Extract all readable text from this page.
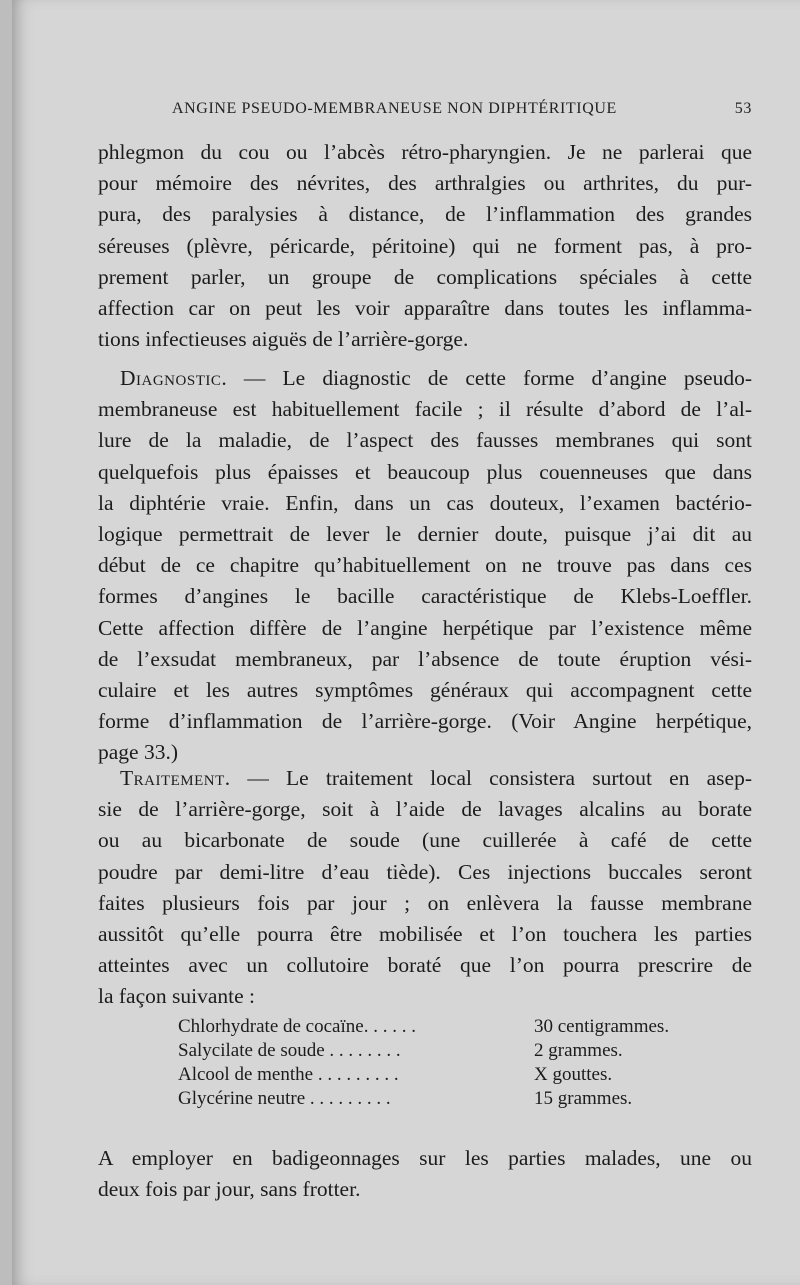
ANGINE PSEUDO-MEMBRANEUSE NON DIPHTÉRITIQUE	53
phlegmon du cou ou l’abcès rétro-pharyngien. Je ne parlerai que
pour mémoire des névrites, des arthralgies ou arthrites, du pur-
pura, des paralysies à distance, de l’inflammation des grandes
séreuses (plèvre, péricarde, péritoine) qui ne forment pas, à pro-
prement parler, un groupe de complications spéciales à cette
affection car on peut les voir apparaître dans toutes les inflamma-
tions infectieuses aiguës de l’arrière-gorge.
Diagnostic. — Le diagnostic de cette forme d’angine pseudo-
membraneuse est habituellement facile ; il résulte d’abord de l’al-
lure de la maladie, de l’aspect des fausses membranes qui sont
quelquefois plus épaisses et beaucoup plus couenneuses que dans
la diphtérie vraie. Enfin, dans un cas douteux, l’examen bactério-
logique permettrait de lever le dernier doute, puisque j’ai dit au
début de ce chapitre qu’habituellement on ne trouve pas dans ces
formes d’angines le bacille caractéristique de Klebs-Loeffler.
Cette affection diffère de l’angine herpétique par l’existence même
de l’exsudat membraneux, par l’absence de toute éruption vési-
culaire et les autres symptômes généraux qui accompagnent cette
forme d’inflammation de l’arrière-gorge. (Voir Angine herpétique,
page 33.)
Traitement. — Le traitement local consistera surtout en asep-
sie de l’arrière-gorge, soit à l’aide de lavages alcalins au borate
ou au bicarbonate de soude (une cuillerée à café de cette
poudre par demi-litre d’eau tiède). Ces injections buccales seront
faites plusieurs fois par jour ; on enlèvera la fausse membrane
aussitôt qu’elle pourra être mobilisée et l’on touchera les parties
atteintes avec un collutoire boraté que l’on pourra prescrire de
la façon suivante :
Chlorhydrate de cocaïne. . . . . .	30 centigrammes.
Salycilate de soude . . . . . . . .	2 grammes.
Alcool de menthe . . . . . . . . .	X gouttes.
Glycérine neutre . . . . . . . . .	15 grammes.
A employer en badigeonnages sur les parties malades, une ou
deux fois par jour, sans frotter.
